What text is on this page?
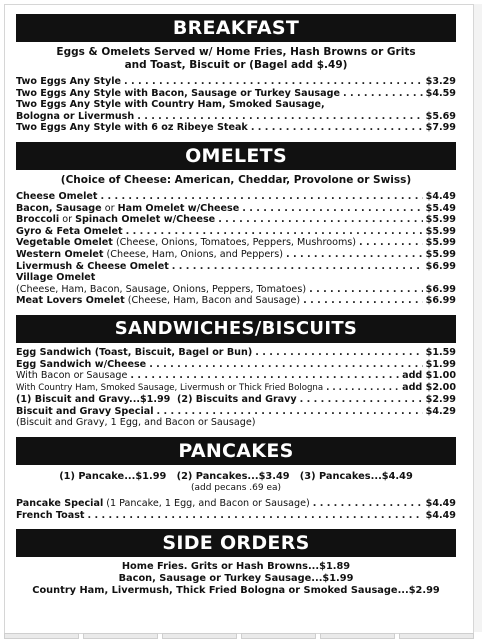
BREAKFAST
Eggs & Omelets Served w/ Home Fries, Hash Browns or Grits
and Toast, Biscuit or (Bagel add $.49)
Two Eggs Any Style . . .	$3.29
Two Eggs Any Style with Bacon, Sausage or Turkey Sausage . . .	$4.59
Two Eggs Any Style with Country Ham, Smoked Sausage,
Bologna or Livermush . . .	$5.69
Two Eggs Any Style with 6 oz Ribeye Steak . . .	$7.99
OMELETS
(Choice of Cheese: American, Cheddar, Provolone or Swiss)
Cheese Omelet . . .	$4.49
Bacon, Sausage or Ham Omelet w/Cheese . . .	$5.49
Broccoli or Spinach Omelet w/Cheese . . .	$5.99
Gyro & Feta Omelet . . .	$5.99
Vegetable Omelet (Cheese, Onions, Tomatoes, Peppers, Mushrooms) . . .	$5.99
Western Omelet (Cheese, Ham, Onions, and Peppers) . . .	$5.99
Livermush & Cheese Omelet . . .	$6.99
Village Omelet
(Cheese, Ham, Bacon, Sausage, Onions, Peppers, Tomatoes) . . .	$6.99
Meat Lovers Omelet (Cheese, Ham, Bacon and Sausage) . . .	$6.99
SANDWICHES/BISCUITS
Egg Sandwich (Toast, Biscuit, Bagel or Bun) . . .	$1.59
Egg Sandwich w/Cheese . . .	$1.99
With Bacon or Sausage . . .	add $1.00
With Country Ham, Smoked Sausage, Livermush or Thick Fried Bologna . . .	add $2.00
(1) Biscuit and Gravy...$1.99 (2) Biscuits and Gravy . . .	$2.99
Biscuit and Gravy Special . . .	$4.29
(Biscuit and Gravy, 1 Egg, and Bacon or Sausage)
PANCAKES
(1) Pancake...$1.99   (2) Pancakes...$3.49   (3) Pancakes...$4.49
(add pecans .69 ea)
Pancake Special (1 Pancake, 1 Egg, and Bacon or Sausage) . . .	$4.49
French Toast . . .	$4.49
SIDE ORDERS
Home Fries. Grits or Hash Browns...$1.89
Bacon, Sausage or Turkey Sausage...$1.99
Country Ham, Livermush, Thick Fried Bologna or Smoked Sausage...$2.99
